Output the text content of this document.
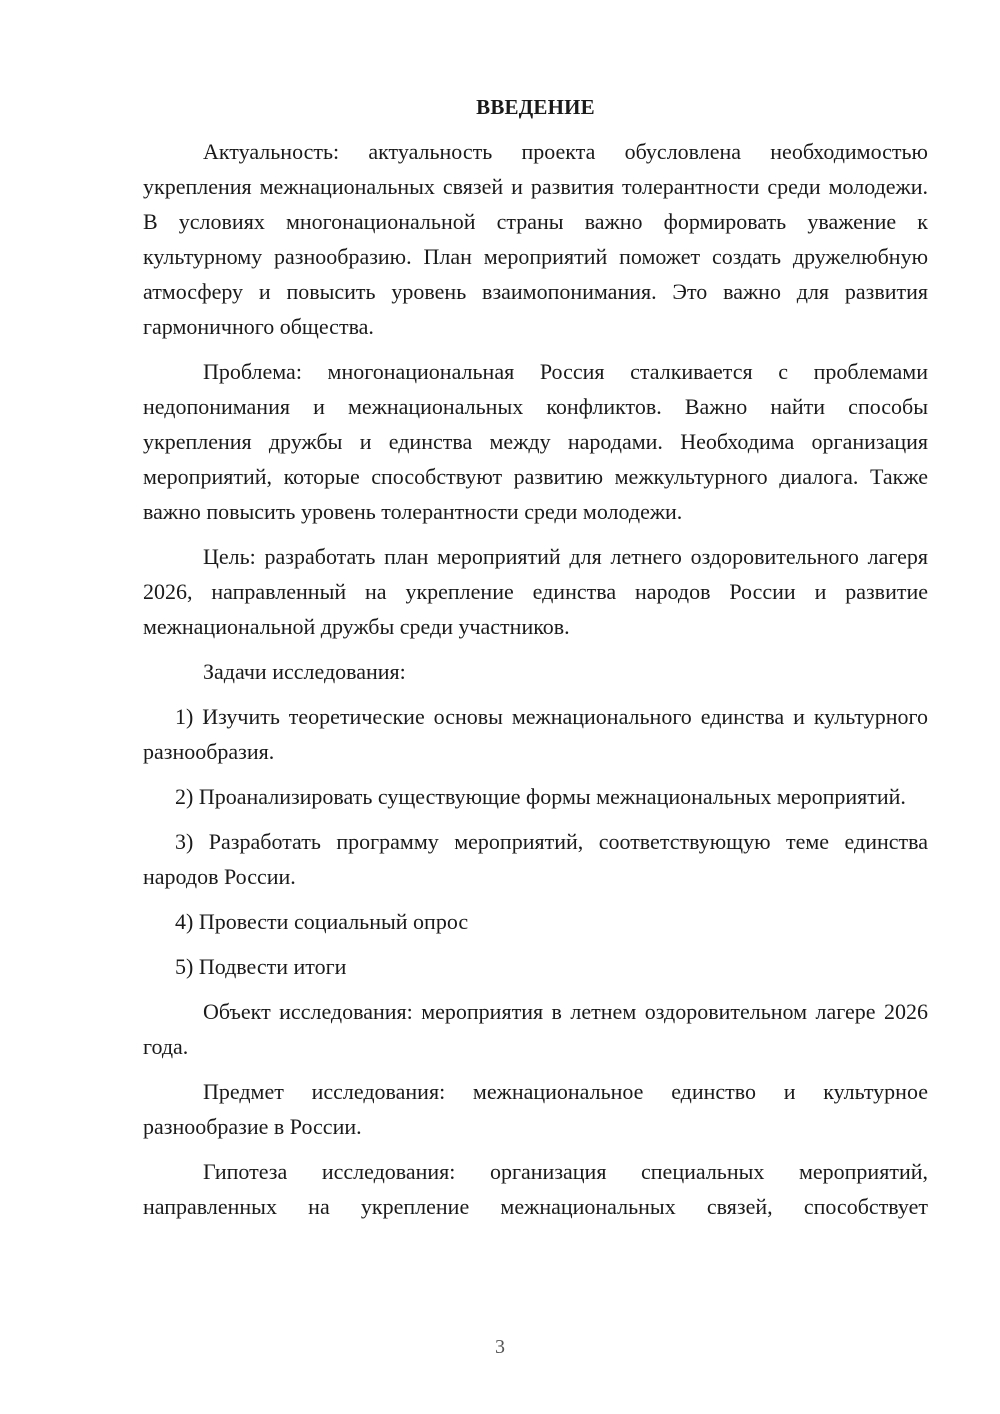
ВВЕДЕНИЕ

Актуальность: актуальность проекта обусловлена необходимостью укрепления межнациональных связей и развития толерантности среди молодежи. В условиях многонациональной страны важно формировать уважение к культурному разнообразию. План мероприятий поможет создать дружелюбную атмосферу и повысить уровень взаимопонимания. Это важно для развития гармоничного общества.

Проблема: многонациональная Россия сталкивается с проблемами недопонимания и межнациональных конфликтов. Важно найти способы укрепления дружбы и единства между народами. Необходима организация мероприятий, которые способствуют развитию межкультурного диалога. Также важно повысить уровень толерантности среди молодежи.

Цель: разработать план мероприятий для летнего оздоровительного лагеря 2026, направленный на укрепление единства народов России и развитие межнациональной дружбы среди участников.

Задачи исследования:

1) Изучить теоретические основы межнационального единства и культурного разнообразия.

2) Проанализировать существующие формы межнациональных мероприятий.

3) Разработать программу мероприятий, соответствующую теме единства народов России.

4) Провести социальный опрос

5) Подвести итоги

Объект исследования: мероприятия в летнем оздоровительном лагере 2026 года.

Предмет исследования: межнациональное единство и культурное разнообразие в России.

Гипотеза исследования: организация специальных мероприятий, направленных на укрепление межнациональных связей, способствует

3
